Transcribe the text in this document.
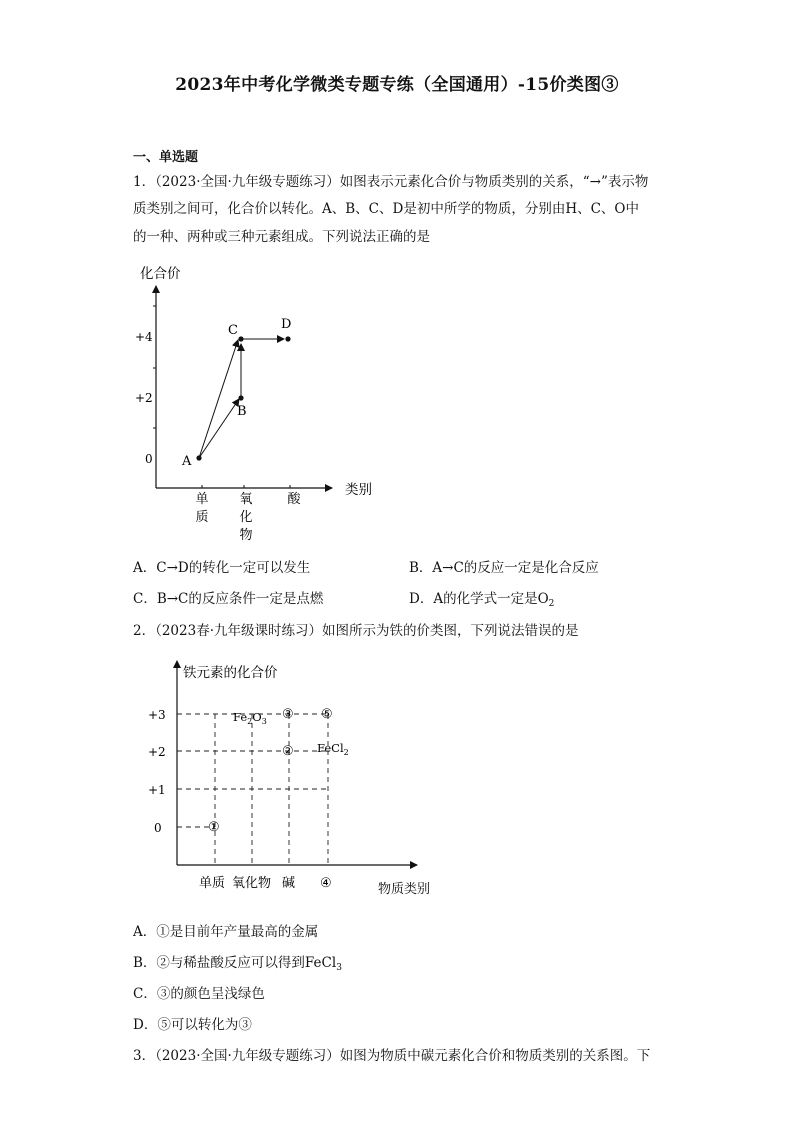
2023年中考化学微类专题专练（全国通用）-15价类图③
一、单选题
1．（2023·全国·九年级专题练习）如图表示元素化合价与物质类别的关系，“→”表示物
质类别之间可，化合价以转化。A、B、C、D是初中所学的物质，分别由H、C、O中
的一种、两种或三种元素组成。下列说法正确的是
化合价
+4
+2
0
类别
单质
氧化物
酸
A
B
C	D
A．C→D的转化一定可以发生	B．A→C的反应一定是化合反应
C．B→C的反应条件一定是点燃	D．A的化学式一定是$O_2$
2．（2023春·九年级课时练习）如图所示为铁的价类图，下列说法错误的是
铁元素的化合价
+3
+2
+1
0
单质 氧化物 碱 ④
①
②
③ ⑤
$Fe_2O_3$
FeCl$_2$
物质类别
A．①是目前年产量最高的金属
B．②与稀盐酸反应可以得到FeCl$_3$
C．③的颜色呈浅绿色
D．⑤可以转化为③
3．（2023·全国·九年级专题练习）如图为物质中碳元素化合价和物质类别的关系图。下
